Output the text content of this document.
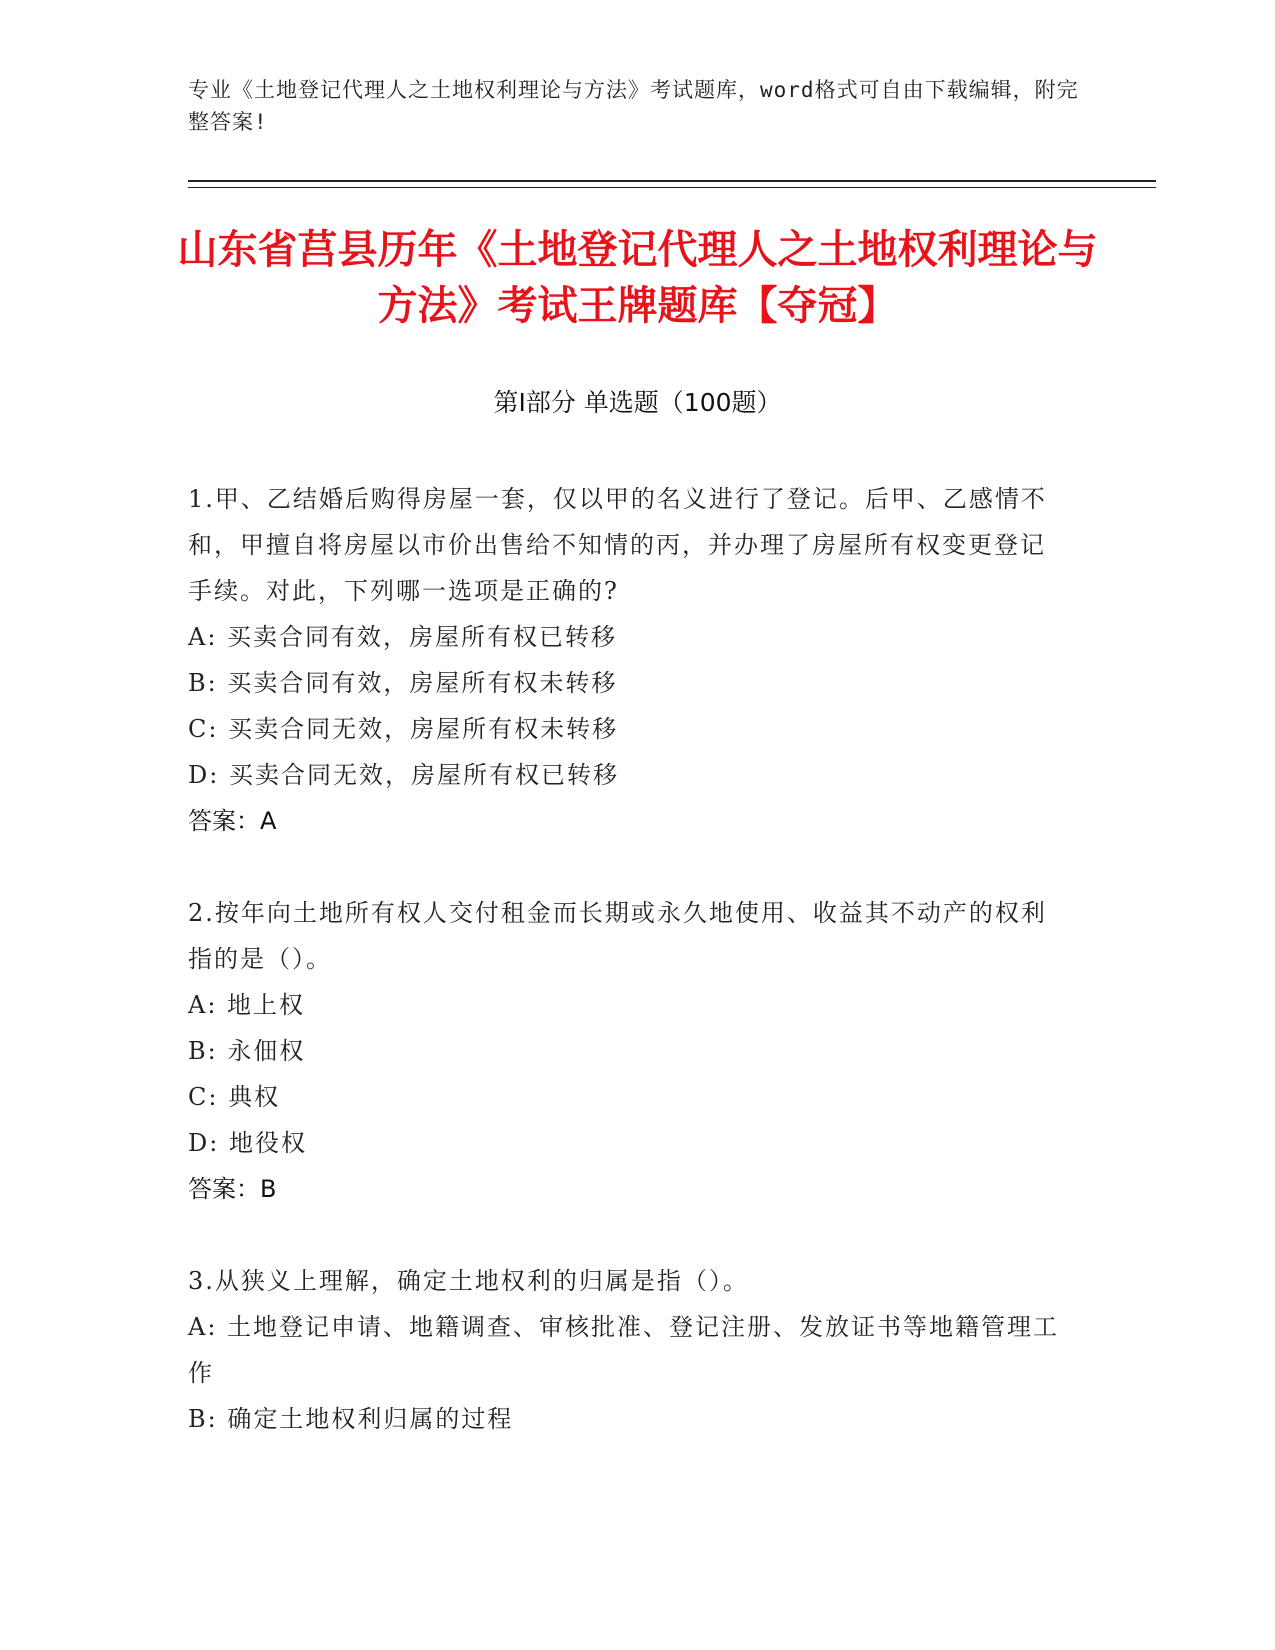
专业《土地登记代理人之土地权利理论与方法》考试题库，word格式可自由下载编辑，附完整答案!
山东省莒县历年《土地登记代理人之土地权利理论与方法》考试王牌题库【夺冠】
第I部分 单选题（100题）
1.甲、乙结婚后购得房屋一套，仅以甲的名义进行了登记。后甲、乙感情不和，甲擅自将房屋以市价出售给不知情的丙，并办理了房屋所有权变更登记手续。对此，下列哪一选项是正确的?
A: 买卖合同有效，房屋所有权已转移
B: 买卖合同有效，房屋所有权未转移
C: 买卖合同无效，房屋所有权未转移
D: 买卖合同无效，房屋所有权已转移
答案：A
2.按年向土地所有权人交付租金而长期或永久地使用、收益其不动产的权利指的是（）。
A: 地上权
B: 永佃权
C: 典权
D: 地役权
答案：B
3.从狭义上理解，确定土地权利的归属是指（）。
A: 土地登记申请、地籍调查、审核批准、登记注册、发放证书等地籍管理工作
B: 确定土地权利归属的过程
